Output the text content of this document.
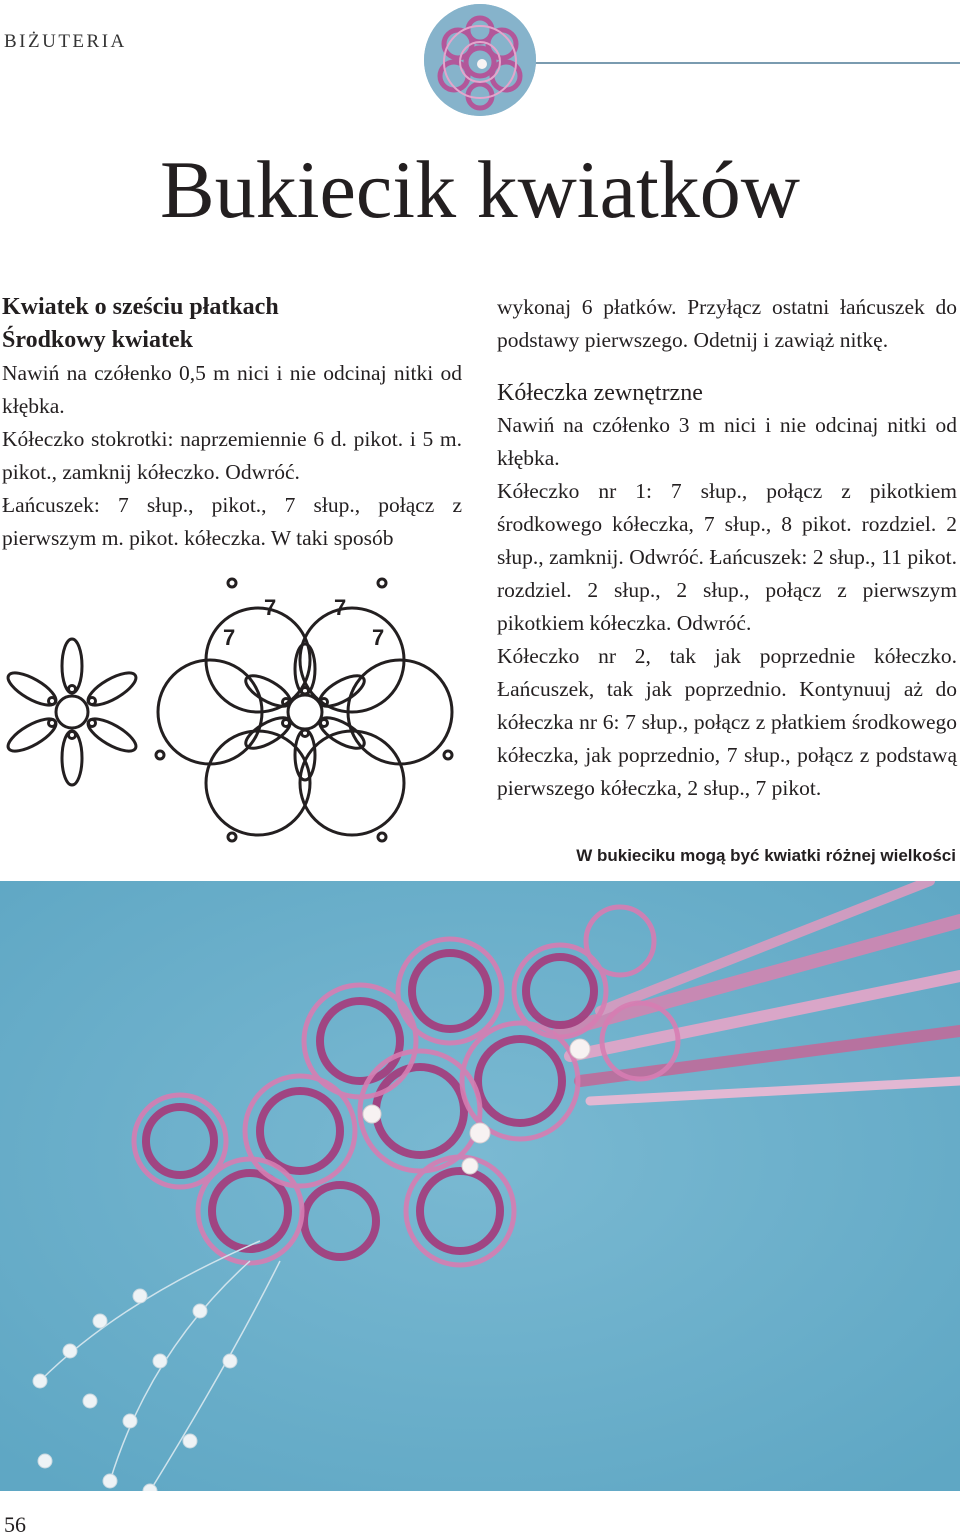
BIŻUTERIA
Bukiecik kwiatków
Kwiatek o sześciu płatkach
Środkowy kwiatek
Nawiń na czółenko 0,5 m nici i nie odcinaj nitki od kłębka.
Kółeczko stokrotki: naprzemiennie 6 d. pikot. i 5 m. pikot., zamknij kółeczko. Odwróć.
Łańcuszek: 7 słup., pikot., 7 słup., połącz z pierwszym m. pikot. kółeczka. W taki sposób
7	7
7	7
wykonaj 6 płatków. Przyłącz ostatni łańcuszek do podstawy pierwszego. Odetnij i zawiąż nitkę.
Kółeczka zewnętrzne
Nawiń na czółenko 3 m nici i nie odcinaj nitki od kłębka.
Kółeczko nr 1: 7 słup., połącz z pikotkiem środkowego kółeczka, 7 słup., 8 pikot. rozdziel. 2 słup., zamknij. Odwróć. Łańcuszek: 2 słup., 11 pikot. rozdziel. 2 słup., 2 słup., połącz z pierwszym pikotkiem kółeczka. Odwróć.
Kółeczko nr 2, tak jak poprzednie kółeczko. Łańcuszek, tak jak poprzednio. Kontynuuj aż do kółeczka nr 6: 7 słup., połącz z płatkiem środkowego kółeczka, jak poprzednio, 7 słup., połącz z podstawą pierwszego kółeczka, 2 słup., 7 pikot.
W bukieciku mogą być kwiatki różnej wielkości
56
